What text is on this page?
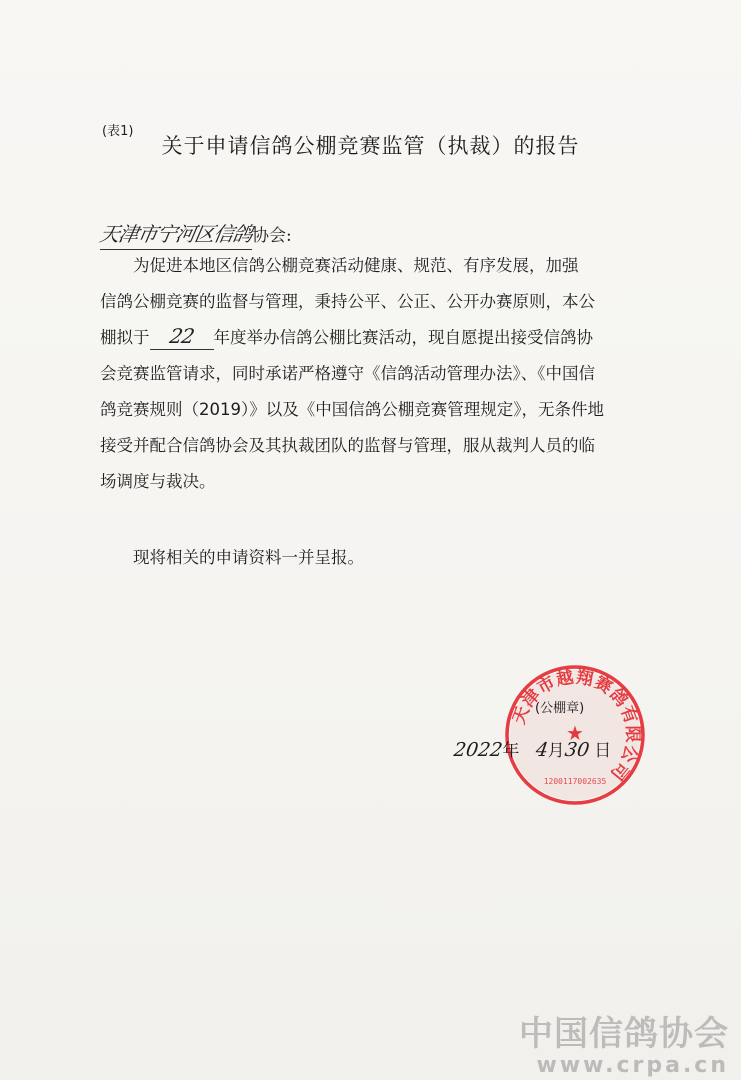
(表1)
关于申请信鸽公棚竞赛监管（执裁）的报告
天津市宁河区信鸽协会:
为促进本地区信鸽公棚竞赛活动健康、规范、有序发展，加强
信鸽公棚竞赛的监督与管理，秉持公平、公正、公开办赛原则，本公
棚拟于 22 年度举办信鸽公棚比赛活动，现自愿提出接受信鸽协
会竞赛监管请求，同时承诺严格遵守《信鸽活动管理办法》、《中国信
鸽竞赛规则（2019）》以及《中国信鸽公棚竞赛管理规定》，无条件地
接受并配合信鸽协会及其执裁团队的监督与管理，服从裁判人员的临
场调度与裁决。
现将相关的申请资料一并呈报。
天津市越翔赛鸽有限公司
★
1200117002635
(公棚章)
2022年 4月30 日
中国信鸽协会
www.crpa.cn
